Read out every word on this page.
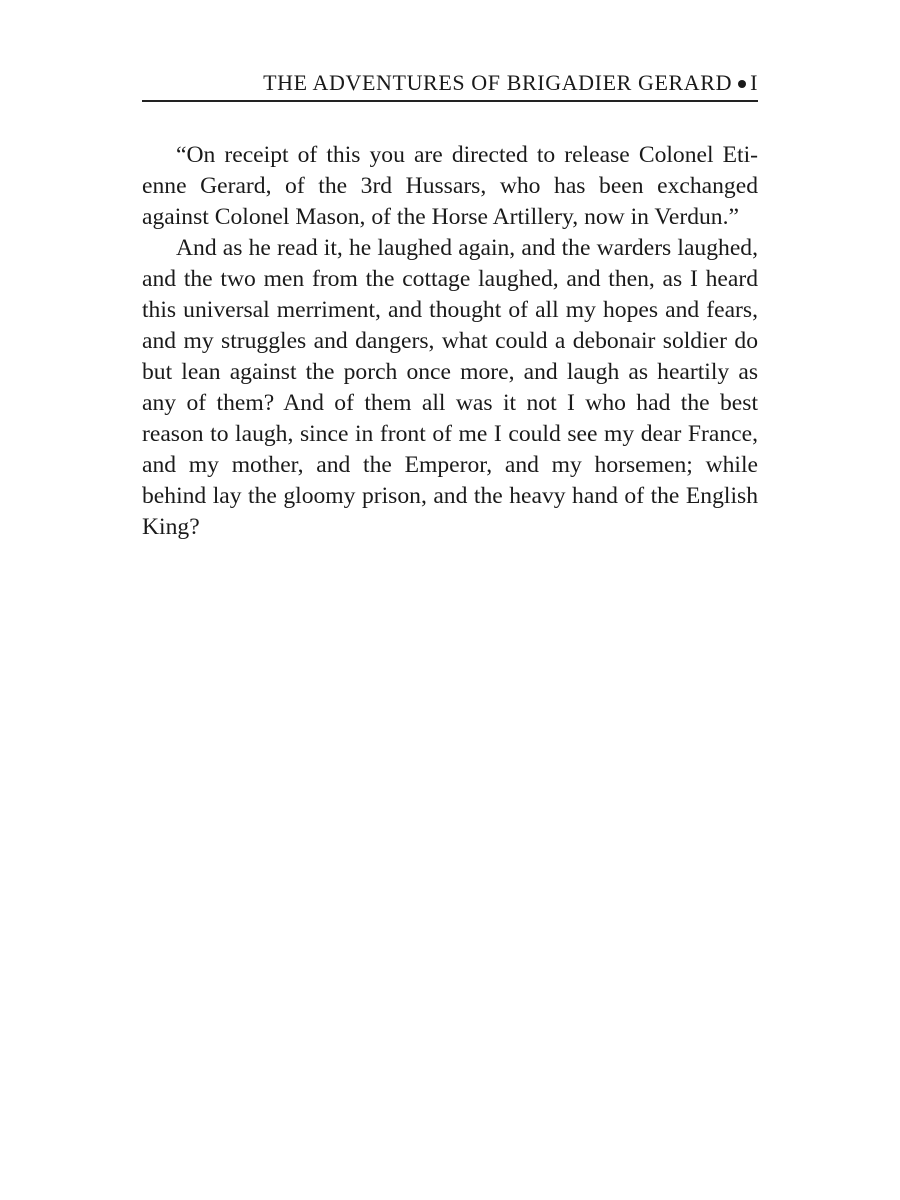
THE ADVENTURES OF BRIGADIER GERARD I

“On receipt of this you are directed to release Colonel Etienne Gerard, of the 3rd Hussars, who has been exchanged against Colonel Mason, of the Horse Artillery, now in Verdun.”

And as he read it, he laughed again, and the warders laughed, and the two men from the cottage laughed, and then, as I heard this universal merriment, and thought of all my hopes and fears, and my struggles and dangers, what could a debonair soldier do but lean against the porch once more, and laugh as heartily as any of them? And of them all was it not I who had the best reason to laugh, since in front of me I could see my dear France, and my mother, and the Emperor, and my horsemen; while behind lay the gloomy prison, and the heavy hand of the English King?
